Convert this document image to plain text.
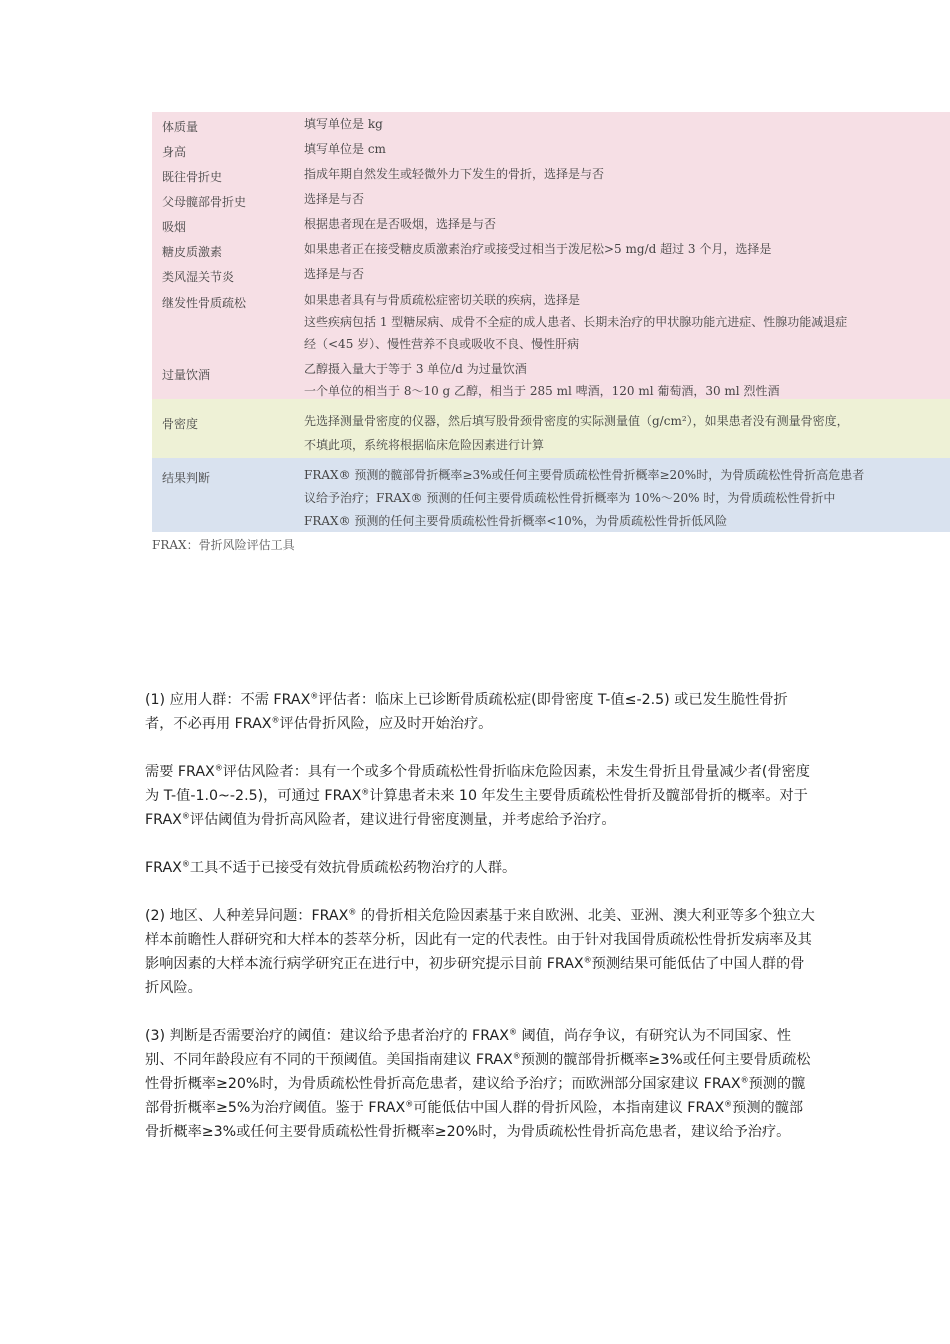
体质量	填写单位是 kg
身高	填写单位是 cm
既往骨折史	指成年期自然发生或轻微外力下发生的骨折，选择是与否
父母髋部骨折史	选择是与否
吸烟	根据患者现在是否吸烟，选择是与否
糖皮质激素	如果患者正在接受糖皮质激素治疗或接受过相当于泼尼松>5 mg/d 超过 3 个月，选择是
类风湿关节炎	选择是与否
继发性骨质疏松	如果患者具有与骨质疏松症密切关联的疾病，选择是
这些疾病包括 1 型糖尿病、成骨不全症的成人患者、长期未治疗的甲状腺功能亢进症、性腺功能减退症
经（<45 岁）、慢性营养不良或吸收不良、慢性肝病
过量饮酒	乙醇摄入量大于等于 3 单位/d 为过量饮酒
一个单位的相当于 8～10 g 乙醇，相当于 285 ml 啤酒，120 ml 葡萄酒，30 ml 烈性酒
骨密度	先选择测量骨密度的仪器，然后填写股骨颈骨密度的实际测量值（g/cm²），如果患者没有测量骨密度，
不填此项，系统将根据临床危险因素进行计算
结果判断	FRAX® 预测的髋部骨折概率≥3%或任何主要骨质疏松性骨折概率≥20%时，为骨质疏松性骨折高危患者
议给予治疗；FRAX® 预测的任何主要骨质疏松性骨折概率为 10%～20% 时，为骨质疏松性骨折中
FRAX® 预测的任何主要骨质疏松性骨折概率<10%，为骨质疏松性骨折低风险
FRAX：骨折风险评估工具

(1) 应用人群：不需 FRAX®评估者：临床上已诊断骨质疏松症(即骨密度 T-值≤-2.5) 或已发生脆性骨折者，不必再用 FRAX®评估骨折风险，应及时开始治疗。

需要 FRAX®评估风险者：具有一个或多个骨质疏松性骨折临床危险因素，未发生骨折且骨量减少者(骨密度为 T-值-1.0~-2.5)，可通过 FRAX®计算患者未来 10 年发生主要骨质疏松性骨折及髋部骨折的概率。对于 FRAX®评估阈值为骨折高风险者，建议进行骨密度测量，并考虑给予治疗。

FRAX®工具不适于已接受有效抗骨质疏松药物治疗的人群。

(2) 地区、人种差异问题：FRAX® 的骨折相关危险因素基于来自欧洲、北美、亚洲、澳大利亚等多个独立大样本前瞻性人群研究和大样本的荟萃分析，因此有一定的代表性。由于针对我国骨质疏松性骨折发病率及其影响因素的大样本流行病学研究正在进行中，初步研究提示目前 FRAX®预测结果可能低估了中国人群的骨折风险。

(3) 判断是否需要治疗的阈值：建议给予患者治疗的 FRAX® 阈值，尚存争议，有研究认为不同国家、性别、不同年龄段应有不同的干预阈值。美国指南建议 FRAX®预测的髋部骨折概率≥3%或任何主要骨质疏松性骨折概率≥20%时，为骨质疏松性骨折高危患者，建议给予治疗；而欧洲部分国家建议 FRAX®预测的髋部骨折概率≥5%为治疗阈值。鉴于 FRAX®可能低估中国人群的骨折风险，本指南建议 FRAX®预测的髋部骨折概率≥3%或任何主要骨质疏松性骨折概率≥20%时，为骨质疏松性骨折高危患者，建议给予治疗。
